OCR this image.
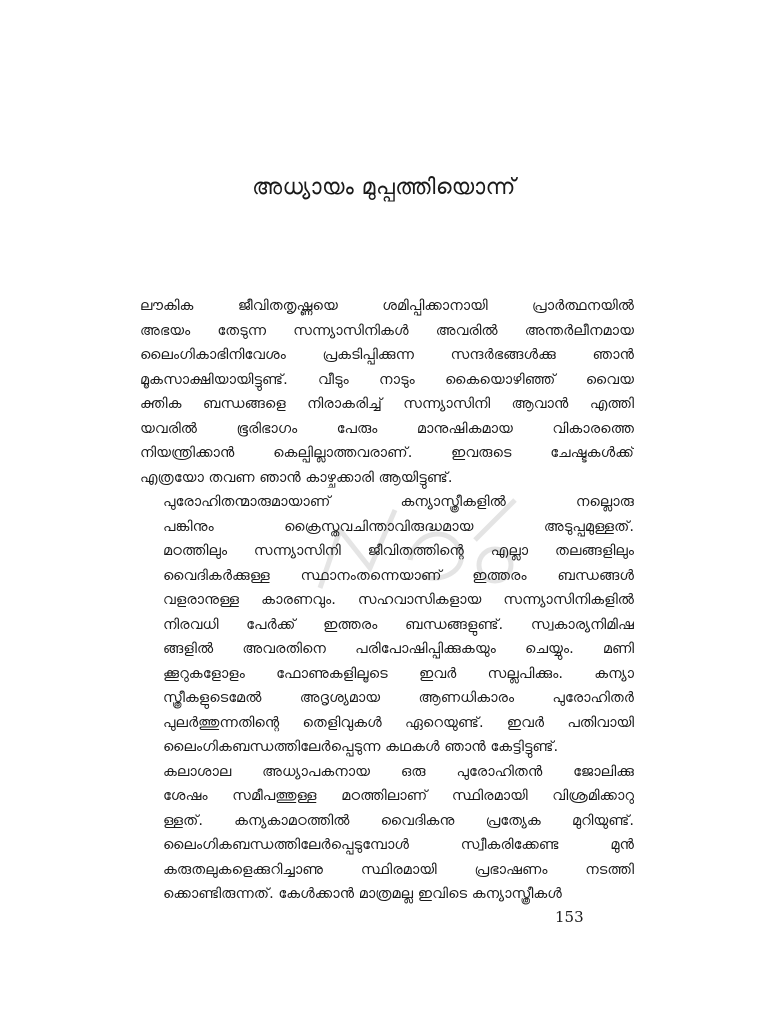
അധ്യായം മുപ്പത്തിയൊന്ന്

ലൗകിക ജീവിതതൃഷ്ണയെ ശമിപ്പിക്കാനായി പ്രാർത്ഥനയിൽ
അഭയം തേടുന്ന സന്ന്യാസിനികൾ അവരിൽ അന്തർലീനമായ
ലൈംഗികാഭിനിവേശം പ്രകടിപ്പിക്കുന്ന സന്ദർഭങ്ങൾക്കു ഞാൻ
മൂകസാക്ഷിയായിട്ടുണ്ട്. വീടും നാടും കൈയൊഴിഞ്ഞ് വൈയ
ക്തിക ബന്ധങ്ങളെ നിരാകരിച്ച് സന്ന്യാസിനി ആവാൻ എത്തി
യവരിൽ ഭൂരിഭാഗം പേരും മാനുഷികമായ വികാരത്തെ
നിയന്ത്രിക്കാൻ കെല്പില്ലാത്തവരാണ്. ഇവരുടെ ചേഷ്ടകൾക്ക്
എത്രയോ തവണ ഞാൻ കാഴ്ചക്കാരി ആയിട്ടുണ്ട്.

പുരോഹിതന്മാരുമായാണ് കന്യാസ്ത്രീകളിൽ നല്ലൊരു
പങ്കിനും ക്രൈസ്തവചിന്താവിരുദ്ധമായ അടുപ്പമുള്ളത്.
മഠത്തിലും സന്ന്യാസിനി ജീവിതത്തിന്റെ എല്ലാ തലങ്ങളിലും
വൈദികർക്കുള്ള സ്ഥാനംതന്നെയാണ് ഇത്തരം ബന്ധങ്ങൾ
വളരാനുള്ള കാരണവും. സഹവാസികളായ സന്ന്യാസിനികളിൽ
നിരവധി പേർക്ക് ഇത്തരം ബന്ധങ്ങളുണ്ട്. സ്വകാര്യനിമിഷ
ങ്ങളിൽ അവരതിനെ പരിപോഷിപ്പിക്കുകയും ചെയ്യും. മണി
ക്കൂറുകളോളം ഫോണുകളിലൂടെ ഇവർ സല്ലപിക്കും. കന്യാ
സ്ത്രീകളുടെമേൽ അദൃശ്യമായ ആണധികാരം പുരോഹിതർ
പുലർത്തുന്നതിന്റെ തെളിവുകൾ ഏറെയുണ്ട്. ഇവർ പതിവായി
ലൈംഗികബന്ധത്തിലേർപ്പെടുന്ന കഥകൾ ഞാൻ കേട്ടിട്ടുണ്ട്.

കലാശാല അധ്യാപകനായ ഒരു പുരോഹിതൻ ജോലിക്കു
ശേഷം സമീപത്തുള്ള മഠത്തിലാണ് സ്ഥിരമായി വിശ്രമിക്കാറു
ള്ളത്. കന്യകാമഠത്തിൽ വൈദികനു പ്രത്യേക മുറിയുണ്ട്.
ലൈംഗികബന്ധത്തിലേർപ്പെടുമ്പോൾ സ്വീകരിക്കേണ്ട മുൻ
കരുതലുകളെക്കുറിച്ചാണു സ്ഥിരമായി പ്രഭാഷണം നടത്തി
ക്കൊണ്ടിരുന്നത്. കേൾക്കാൻ മാത്രമല്ല ഇവിടെ കന്യാസ്ത്രീകൾ

153
